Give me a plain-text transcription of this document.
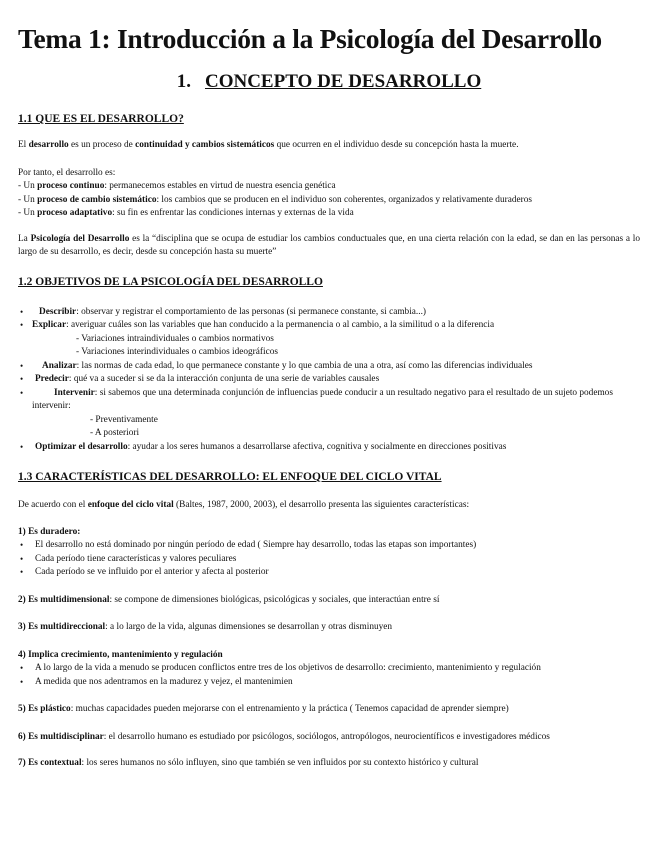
Tema 1: Introducción a la Psicología del Desarrollo
1. CONCEPTO DE DESARROLLO
1.1 QUE ES EL DESARROLLO?

El desarrollo es un proceso de continuidad y cambios sistemáticos que ocurren en el individuo desde su concepción hasta la muerte.

Por tanto, el desarrollo es:

- Un proceso continuo: permanecemos estables en virtud de nuestra esencia genética

- Un proceso de cambio sistemático: los cambios que se producen en el individuo son coherentes, organizados y relativamente duraderos

- Un proceso adaptativo: su fin es enfrentar las condiciones internas y externas de la vida

La Psicología del Desarrollo es la “disciplina que se ocupa de estudiar los cambios conductuales que, en una cierta relación con la edad, se dan en las personas a lo largo de su desarrollo, es decir, desde su concepción hasta su muerte”

1.2 OBJETIVOS DE LA PSICOLOGÍA DEL DESARROLLO
• Describir: observar y registrar el comportamiento de las personas (si permanece constante, si cambia...)
• Explicar: averiguar cuáles son las variables que han conducido a la permanencia o al cambio, a la similitud o a la diferencia
- Variaciones intraindividuales o cambios normativos
- Variaciones interindividuales o cambios ideográficos
• Analizar: las normas de cada edad, lo que permanece constante y lo que cambia de una a otra, así como las diferencias individuales
• Predecir: qué va a suceder si se da la interacción conjunta de una serie de variables causales
• Intervenir: si sabemos que una determinada conjunción de influencias puede conducir a un resultado negativo para el resultado de un sujeto podemos intervenir:
- Preventivamente
- A posteriori
• Optimizar el desarrollo: ayudar a los seres humanos a desarrollarse afectiva, cognitiva y socialmente en direcciones positivas
1.3 CARACTERÍSTICAS DEL DESARROLLO: EL ENFOQUE DEL CICLO VITAL

De acuerdo con el enfoque del ciclo vital (Baltes, 1987, 2000, 2003), el desarrollo presenta las siguientes características:

1) Es duradero:

• El desarrollo no está dominado por ningún período de edad ( Siempre hay desarrollo, todas las etapas son importantes)
• Cada período tiene características y valores peculiares
• Cada período se ve influido por el anterior y afecta al posterior

2) Es multidimensional: se compone de dimensiones biológicas, psicológicas y sociales, que interactúan entre sí

3) Es multidireccional: a lo largo de la vida, algunas dimensiones se desarrollan y otras disminuyen

4) Implica crecimiento, mantenimiento y regulación

• A lo largo de la vida a menudo se producen conflictos entre tres de los objetivos de desarrollo: crecimiento, mantenimiento y regulación
• A medida que nos adentramos en la madurez y vejez, el mantenimien

5) Es plástico: muchas capacidades pueden mejorarse con el entrenamiento y la práctica ( Tenemos capacidad de aprender siempre)

6) Es multidisciplinar: el desarrollo humano es estudiado por psicólogos, sociólogos, antropólogos, neurocientíficos e investigadores médicos

7) Es contextual: los seres humanos no sólo influyen, sino que también se ven influidos por su contexto histórico y cultural
